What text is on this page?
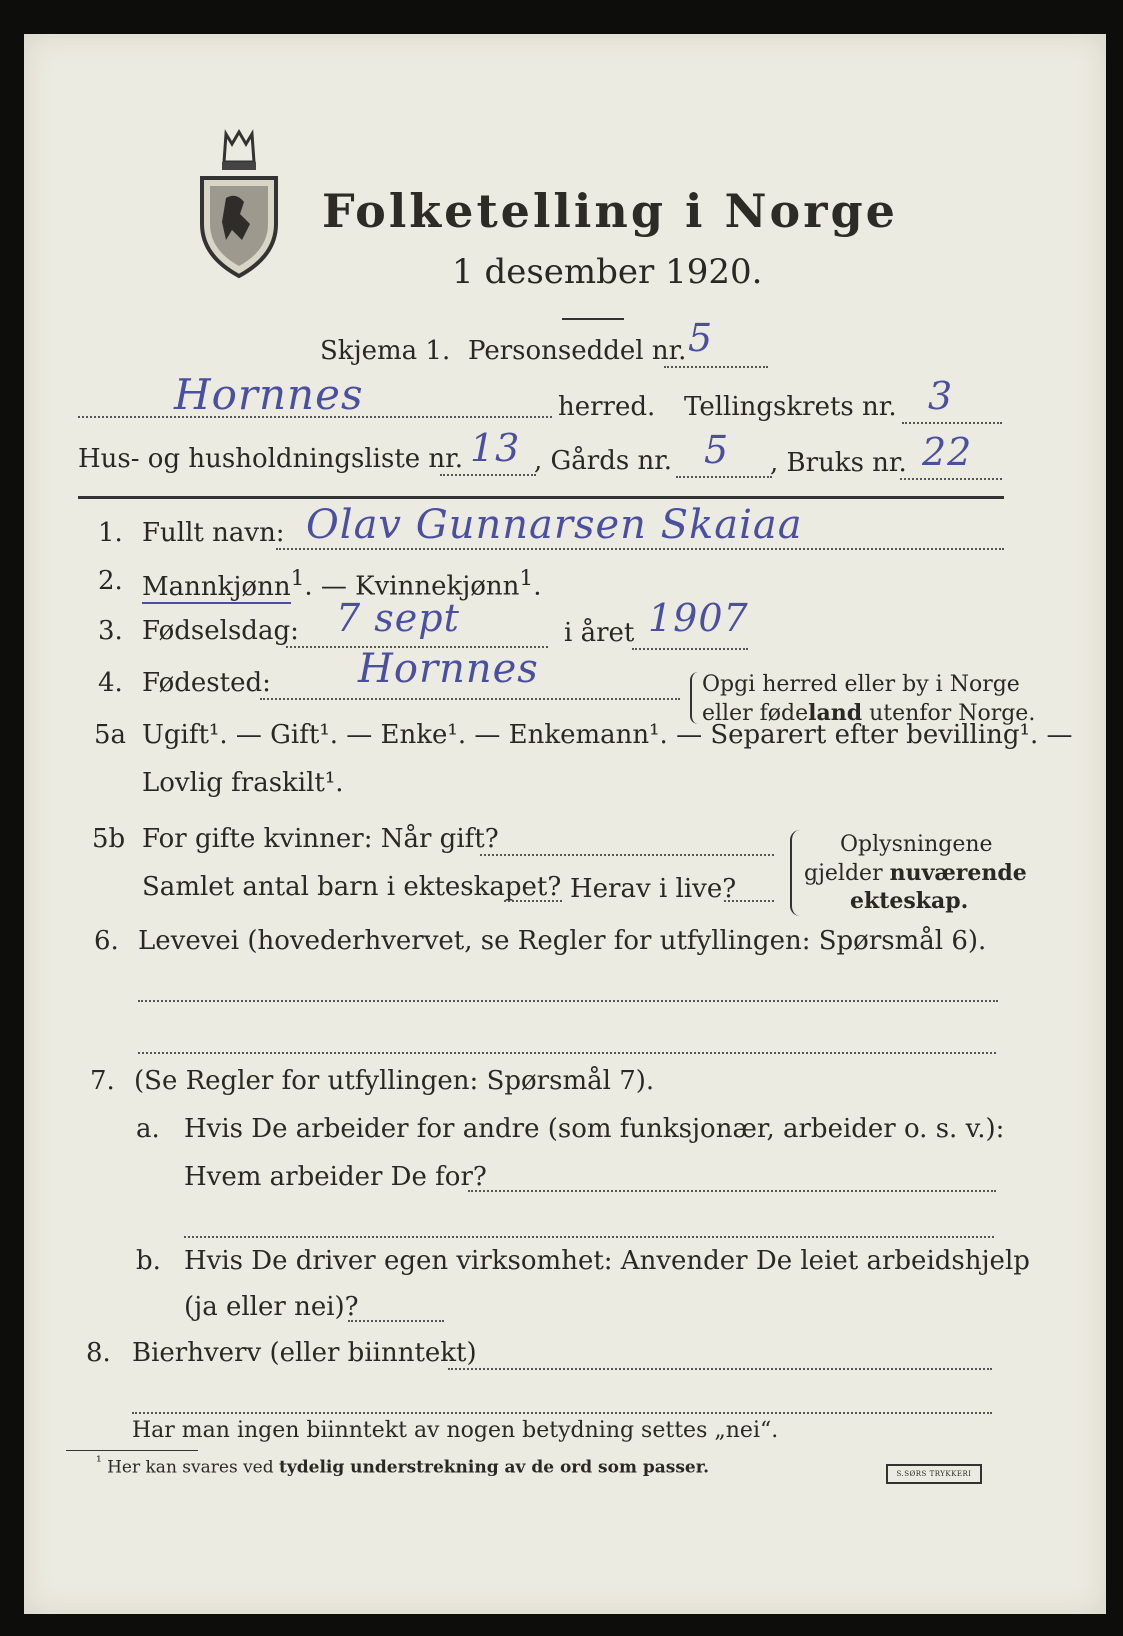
Folketelling i Norge
1 desember 1920.
Skjema 1. Personseddel nr. 5
Hornnes	herred. Tellingskrets nr. 3
Hus- og husholdningsliste nr. 13 , Gårds nr. 5 , Bruks nr. 22
1. Fullt navn: Olav Gunnarsen Skaiaa
2. Mannkjønn$^1$. — Kvinnekjønn$^1$.
3. Fødselsdag: 7 sept	i året 1907
4. Fødested: Hornnes	Opgi herred eller by i Norge
eller fødeland utenfor Norge.
5a Ugift¹. — Gift¹. — Enke¹. — Enkemann¹. — Separert efter bevilling¹. —
Lovlig fraskilt¹.
5b For gifte kvinner: Når gift?
Samlet antal barn i ekteskapet? Herav i live?
Oplysningene
gjelder nuværende
ekteskap.
6. Levevei (hovederhvervet, se Regler for utfyllingen: Spørsmål 6).
7. (Se Regler for utfyllingen: Spørsmål 7).
a. Hvis De arbeider for andre (som funksjonær, arbeider o. s. v.):
Hvem arbeider De for?
b. Hvis De driver egen virksomhet: Anvender De leiet arbeidshjelp
(ja eller nei)?
8. Bierhverv (eller biinntekt)
Har man ingen biinntekt av nogen betydning settes „nei“.
$^{^1}$ Her kan svares ved tydelig understrekning av de ord som passer.	S.SØRS TRYKKERI
